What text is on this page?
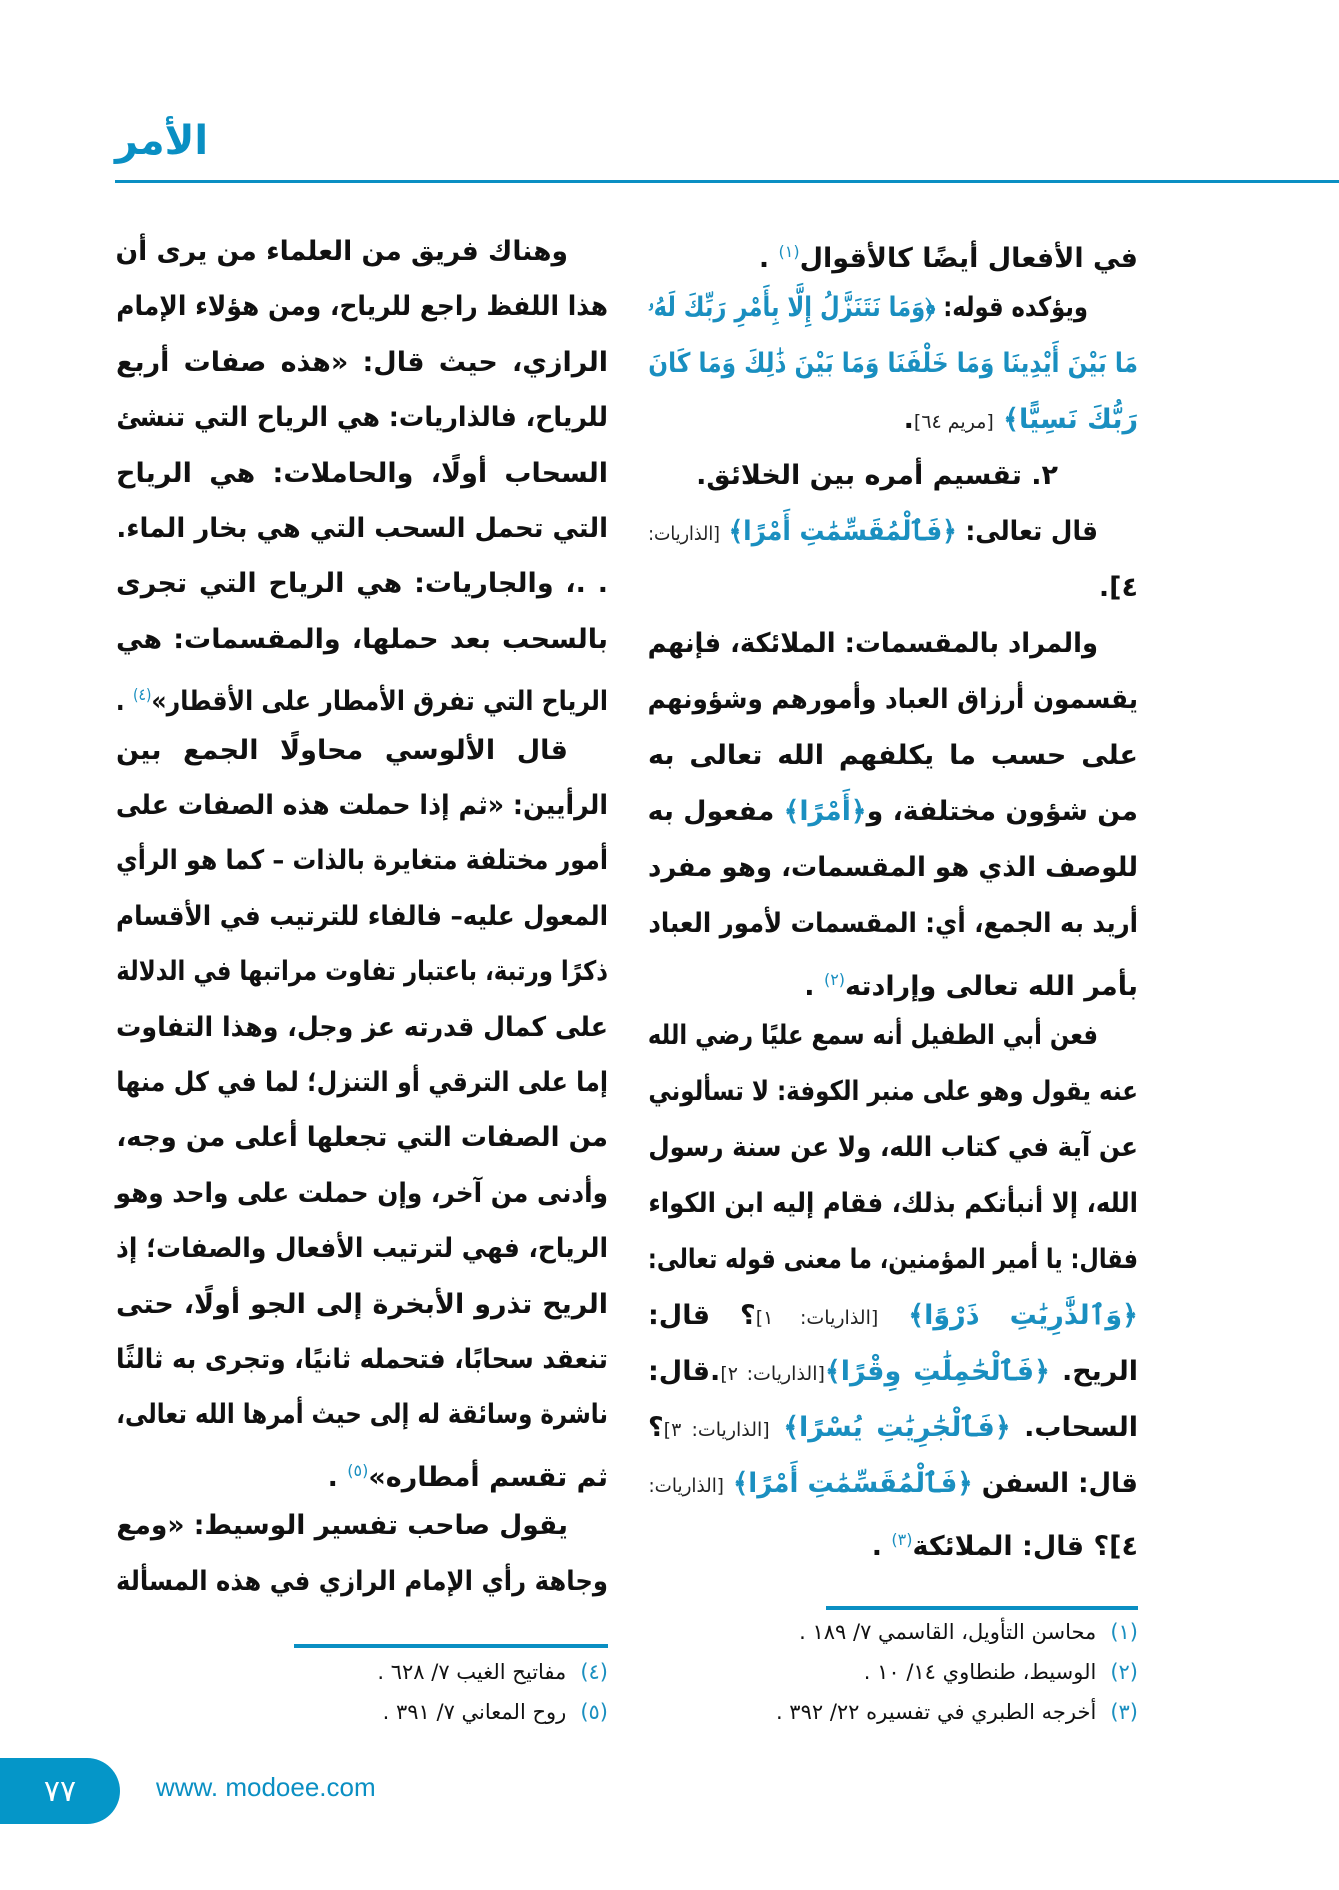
الأمر
في الأفعال أيضًا كالأقوال$^{(١)}$ .
ويؤكده قوله: ﴿وَمَا نَتَنَزَّلُ إِلَّا بِأَمْرِ رَبِّكَ لَهُۥ
مَا بَيْنَ أَيْدِينَا وَمَا خَلْفَنَا وَمَا بَيْنَ ذَٰلِكَ وَمَا كَانَ
رَبُّكَ نَسِيًّا﴾ [مريم ٦٤].
٢. تقسيم أمره بين الخلائق.
قال تعالى: ﴿فَٱلْمُقَسِّمَٰتِ أَمْرًا﴾ [الذاريات:
٤].
والمراد بالمقسمات: الملائكة، فإنهم
يقسمون أرزاق العباد وأمورهم وشؤونهم
على حسب ما يكلفهم الله تعالى به
من شؤون مختلفة، و﴿أَمْرًا﴾ مفعول به
للوصف الذي هو المقسمات، وهو مفرد
أريد به الجمع، أي: المقسمات لأمور العباد
بأمر الله تعالى وإرادته$^{(٢)}$ .
فعن أبي الطفيل أنه سمع عليًا رضي الله
عنه يقول وهو على منبر الكوفة: لا تسألوني
عن آية في كتاب الله، ولا عن سنة رسول
الله، إلا أنبأتكم بذلك، فقام إليه ابن الكواء
فقال: يا أمير المؤمنين، ما معنى قوله تعالى:
﴿وَٱلذَّٰرِيَٰتِ ذَرْوًا﴾ [الذاريات: ١]؟ قال:
الريح. ﴿فَٱلْحَٰمِلَٰتِ وِقْرًا﴾[الذاريات: ٢].قال:
السحاب. ﴿فَٱلْجَٰرِيَٰتِ يُسْرًا﴾ [الذاريات: ٣]؟
قال: السفن ﴿فَٱلْمُقَسِّمَٰتِ أَمْرًا﴾ [الذاريات:
٤]؟ قال: الملائكة$^{(٣)}$ .
وهناك فريق من العلماء من يرى أن
هذا اللفظ راجع للرياح، ومن هؤلاء الإمام
الرازي، حيث قال: «هذه صفات أربع
للرياح، فالذاريات: هي الرياح التي تنشئ
السحاب أولًا، والحاملات: هي الرياح
التي تحمل السحب التي هي بخار الماء.
. .، والجاريات: هي الرياح التي تجرى
بالسحب بعد حملها، والمقسمات: هي
الرياح التي تفرق الأمطار على الأقطار»$^{(٤)}$ .
قال الألوسي محاولًا الجمع بين
الرأيين: «ثم إذا حملت هذه الصفات على
أمور مختلفة متغايرة بالذات – كما هو الرأي
المعول عليه– فالفاء للترتيب في الأقسام
ذكرًا ورتبة، باعتبار تفاوت مراتبها في الدلالة
على كمال قدرته عز وجل، وهذا التفاوت
إما على الترقي أو التنزل؛ لما في كل منها
من الصفات التي تجعلها أعلى من وجه،
وأدنى من آخر، وإن حملت على واحد وهو
الرياح، فهي لترتيب الأفعال والصفات؛ إذ
الريح تذرو الأبخرة إلى الجو أولًا، حتى
تنعقد سحابًا، فتحمله ثانيًا، وتجرى به ثالثًا
ناشرة وسائقة له إلى حيث أمرها الله تعالى،
ثم تقسم أمطاره»$^{(٥)}$ .
يقول صاحب تفسير الوسيط: «ومع
وجاهة رأي الإمام الرازي في هذه المسألة
(١)محاسن التأويل، القاسمي ٧/ ١٨٩ .
(٢)الوسيط، طنطاوي ١٤/ ١٠ .
(٣)أخرجه الطبري في تفسيره ٢٢/ ٣٩٢ .
(٤)مفاتيح الغيب ٧/ ٦٢٨ .
(٥)روح المعاني ٧/ ٣٩١ .
٧٧	www. modoee.com
